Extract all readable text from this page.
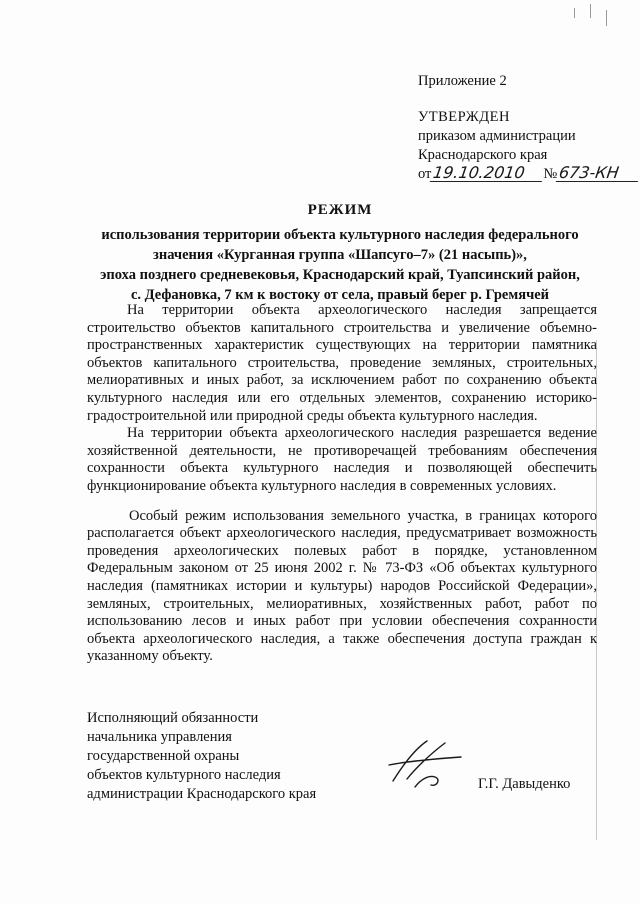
Приложение 2
УТВЕРЖДЕН
приказом администрации
Краснодарского края
от 19.10.2010	№ 673-КН
РЕЖИМ
использования территории объекта культурного наследия федерального
значения «Курганная группа «Шапсуго–7» (21 насыпь)»,
эпоха позднего средневековья, Краснодарский край, Туапсинский район,
с. Дефановка, 7 км к востоку от села, правый берег р. Гремячей

На территории объекта археологического наследия запрещается строительство объектов капитального строительства и увеличение объемно-пространственных характеристик существующих на территории памятника объектов капитального строительства, проведение земляных, строительных, мелиоративных и иных работ, за исключением работ по сохранению объекта культурного наследия или его отдельных элементов, сохранению историко-градостроительной или природной среды объекта культурного наследия.

На территории объекта археологического наследия разрешается ведение хозяйственной деятельности, не противоречащей требованиям обеспечения сохранности объекта культурного наследия и позволяющей обеспечить функционирование объекта культурного наследия в современных условиях.

Особый режим использования земельного участка, в границах которого располагается объект археологического наследия, предусматривает возможность проведения археологических полевых работ в порядке, установленном Федеральным законом от 25 июня 2002 г. № 73-ФЗ «Об объектах культурного наследия (памятниках истории и культуры) народов Российской Федерации», земляных, строительных, мелиоративных, хозяйственных работ, работ по использованию лесов и иных работ при условии обеспечения сохранности объекта археологического наследия, а также обеспечения доступа граждан к указанному объекту.

Исполняющий обязанности
начальника управления
государственной охраны
объектов культурного наследия
администрации Краснодарского края
Г.Г. Давыденко
